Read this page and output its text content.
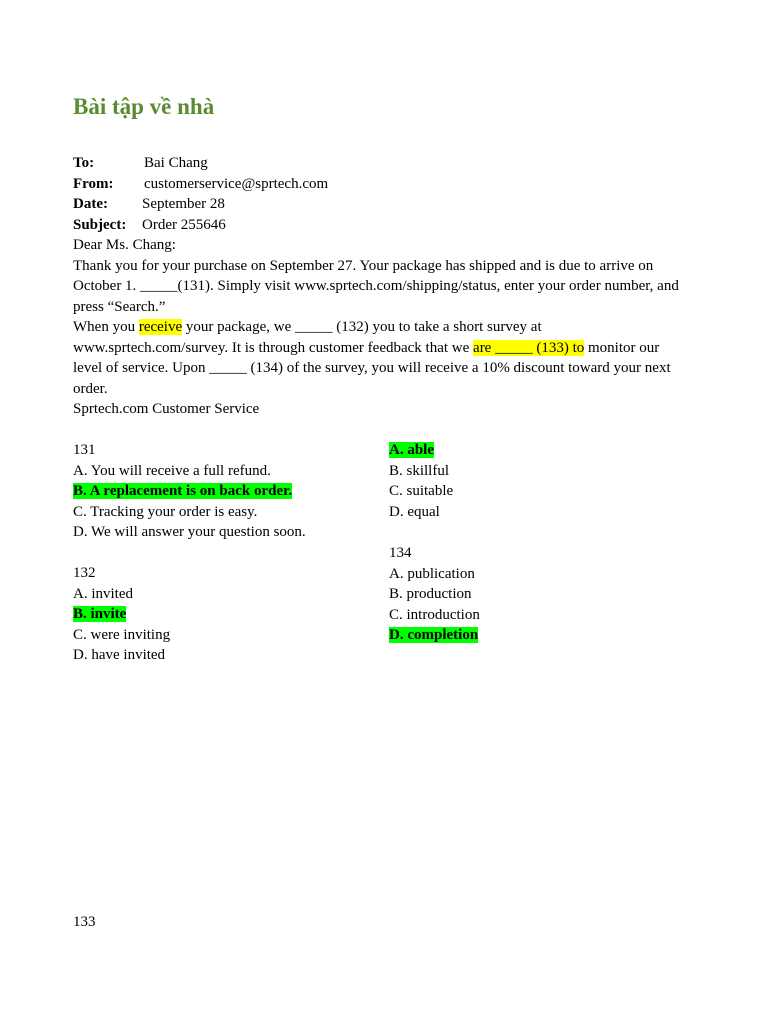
Bài tập về nhà
To:	Bai Chang
From:	customerservice@sprtech.com
Date:	September 28
Subject:	Order 255646

Dear Ms. Chang:

Thank you for your purchase on September 27. Your package has shipped and is due to arrive on October 1. _____(131). Simply visit www.sprtech.com/shipping/status, enter your order number, and press “Search.”

When you receive your package, we _____ (132) you to take a short survey at www.sprtech.com/survey. It is through customer feedback that we are _____ (133) to monitor our level of service. Upon _____ (134) of the survey, you will receive a 10% discount toward your next order.

Sprtech.com Customer Service

131
A. You will receive a full refund.
B. A replacement is on back order.
C. Tracking your order is easy.
D. We will answer your question soon.
132
A. invited
B. invite
C. were inviting
D. have invited
A. able
B. skillful
C. suitable
D. equal
134
A. publication
B. production
C. introduction
D. completion
133
